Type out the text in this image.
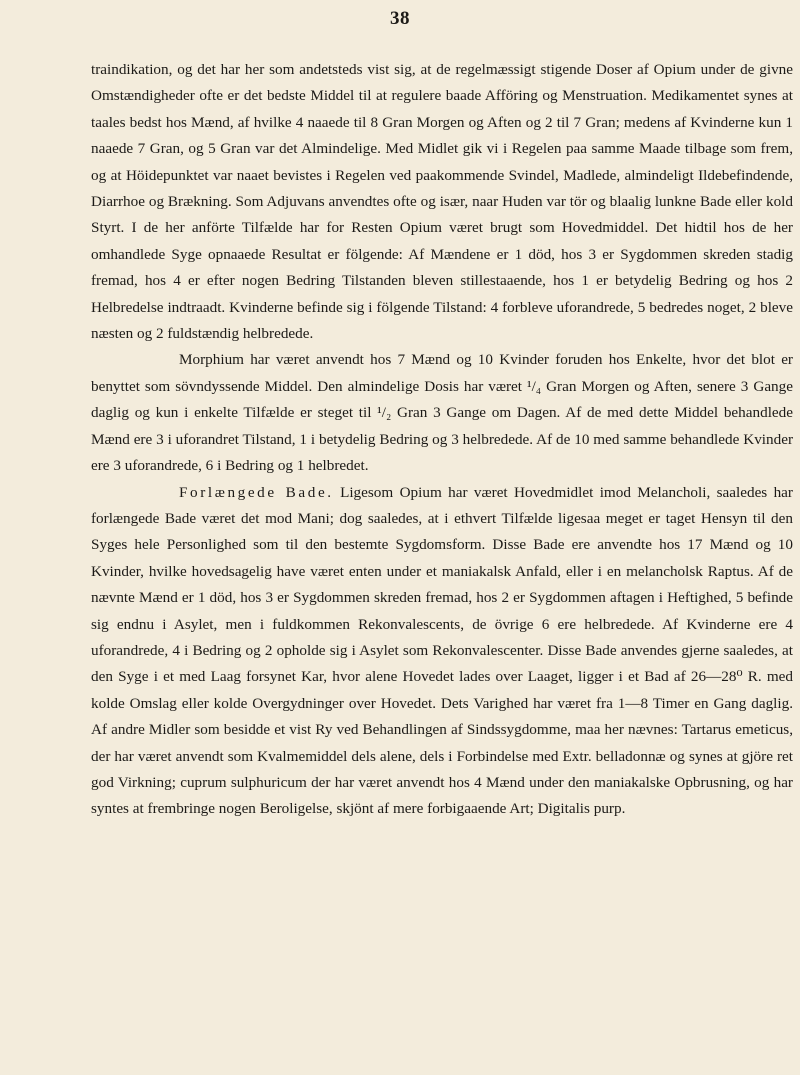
38

traindikation, og det har her som andetsteds vist sig, at de regelmæssigt stigende Doser af Opium under de givne Omstændigheder ofte er det bedste Middel til at regulere baade Afföring og Menstruation. Medikamentet synes at taales bedst hos Mænd, af hvilke 4 naaede til 8 Gran Morgen og Aften og 2 til 7 Gran; medens af Kvinderne kun 1 naaede 7 Gran, og 5 Gran var det Almindelige. Med Midlet gik vi i Regelen paa samme Maade tilbage som frem, og at Höidepunktet var naaet bevistes i Regelen ved paakommende Svindel, Madlede, almindeligt Ildebefindende, Diarrhoe og Brækning. Som Adjuvans anvendtes ofte og især, naar Huden var tör og blaalig lunkne Bade eller kold Styrt. I de her anförte Tilfælde har for Resten Opium været brugt som Hovedmiddel. Det hidtil hos de her omhandlede Syge opnaaede Resultat er fölgende: Af Mændene er 1 död, hos 3 er Sygdommen skreden stadig fremad, hos 4 er efter nogen Bedring Tilstanden bleven stillestaaende, hos 1 er betydelig Bedring og hos 2 Helbredelse indtraadt. Kvinderne befinde sig i fölgende Tilstand: 4 forbleve uforandrede, 5 bedredes noget, 2 bleve næsten og 2 fuldstændig helbredede.

Morphium har været anvendt hos 7 Mænd og 10 Kvinder foruden hos Enkelte, hvor det blot er benyttet som sövndyssende Middel. Den almindelige Dosis har været ¹/₄ Gran Morgen og Aften, senere 3 Gange daglig og kun i enkelte Tilfælde er steget til ¹/₂ Gran 3 Gange om Dagen. Af de med dette Middel behandlede Mænd ere 3 i uforandret Tilstand, 1 i betydelig Bedring og 3 helbredede. Af de 10 med samme behandlede Kvinder ere 3 uforandrede, 6 i Bedring og 1 helbredet.

Forlængede Bade. Ligesom Opium har været Hovedmidlet imod Melancholi, saaledes har forlængede Bade været det mod Mani; dog saaledes, at i ethvert Tilfælde ligesaa meget er taget Hensyn til den Syges hele Personlighed som til den bestemte Sygdomsform. Disse Bade ere anvendte hos 17 Mænd og 10 Kvinder, hvilke hovedsagelig have været enten under et maniakalsk Anfald, eller i en melancholsk Raptus. Af de nævnte Mænd er 1 död, hos 3 er Sygdommen skreden fremad, hos 2 er Sygdommen aftagen i Heftighed, 5 befinde sig endnu i Asylet, men i fuldkommen Rekonvalescents, de övrige 6 ere helbredede. Af Kvinderne ere 4 uforandrede, 4 i Bedring og 2 opholde sig i Asylet som Rekonvalescenter. Disse Bade anvendes gjerne saaledes, at den Syge i et med Laag forsynet Kar, hvor alene Hovedet lades over Laaget, ligger i et Bad af 26—28⁰ R. med kolde Omslag eller kolde Overgydninger over Hovedet. Dets Varighed har været fra 1—8 Timer en Gang daglig. Af andre Midler som besidde et vist Ry ved Behandlingen af Sindssygdomme, maa her nævnes: Tartarus emeticus, der har været anvendt som Kvalmemiddel dels alene, dels i Forbindelse med Extr. belladonnæ og synes at gjöre ret god Virkning; cuprum sulphuricum der har været anvendt hos 4 Mænd under den maniakalske Opbrusning, og har syntes at frembringe nogen Beroligelse, skjönt af mere forbigaaende Art; Digitalis purp.
